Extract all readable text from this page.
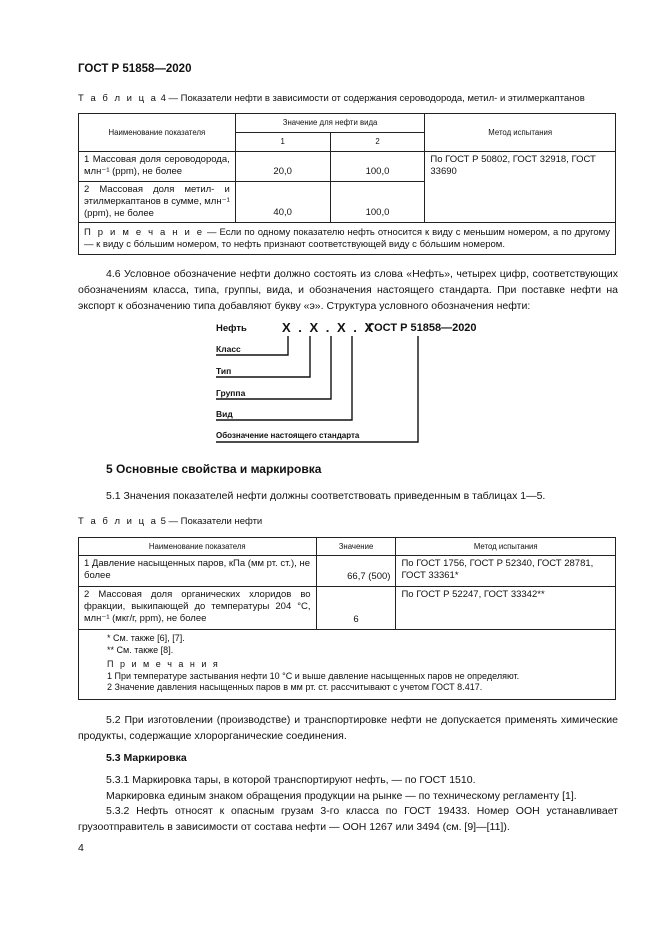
ГОСТ Р 51858—2020
Т а б л и ц а 4 — Показатели нефти в зависимости от содержания сероводорода, метил- и этилмеркаптанов
Наименование показателя	Значение для нефти вида		Метод испытания
	1	2	
1 Массовая доля сероводорода, млн⁻¹ (ppm), не более	20,0	100,0	По ГОСТ Р 50802, ГОСТ 32918, ГОСТ 33690
2 Массовая доля метил- и этилмеркаптанов в сумме, млн⁻¹ (ppm), не более	40,0	100,0	
П р и м е ч а н и е — Если по одному показателю нефть относится к виду с меньшим номером, а по другому — к виду с бóльшим номером, то нефть признают соответствующей виду с бóльшим номером.			
4.6 Условное обозначение нефти должно состоять из слова «Нефть», четырех цифр, соответствующих обозначениям класса, типа, группы, вида, и обозначения настоящего стандарта. При поставке нефти на экспорт к обозначению типа добавляют букву «э». Структура условного обозначения нефти:
Нефть	Х . Х . Х . Х
ГОСТ Р 51858—2020
Класс
Тип
Группа
Вид
Обозначение настоящего стандарта
5 Основные свойства и маркировка
5.1 Значения показателей нефти должны соответствовать приведенным в таблицах 1—5.
Т а б л и ц а 5 — Показатели нефти
Наименование показателя	Значение	Метод испытания
1 Давление насыщенных паров, кПа (мм рт. ст.), не более	66,7 (500)	По ГОСТ 1756, ГОСТ Р 52340, ГОСТ 28781, ГОСТ 33361*
2 Массовая доля органических хлоридов во фракции, выкипающей до температуры 204 °С, млн⁻¹ (мкг/г, ppm), не более	6	По ГОСТ Р 52247, ГОСТ 33342**

* См. также [6], [7].
** См. также [8].
П р и м е ч а н и я
1 При температуре застывания нефти 10 °С и выше давление насыщенных паров не определяют.
2 Значение давления насыщенных паров в мм рт. ст. рассчитывают с учетом ГОСТ 8.417.		
5.2 При изготовлении (производстве) и транспортировке нефти не допускается применять химические продукты, содержащие хлорорганические соединения.
5.3 Маркировка
5.3.1 Маркировка тары, в которой транспортируют нефть, — по ГОСТ 1510.
Маркировка единым знаком обращения продукции на рынке — по техническому регламенту [1].
5.3.2 Нефть относят к опасным грузам 3-го класса по ГОСТ 19433. Номер ООН устанавливает грузоотправитель в зависимости от состава нефти — ООН 1267 или 3494 (см. [9]—[11]).
4
